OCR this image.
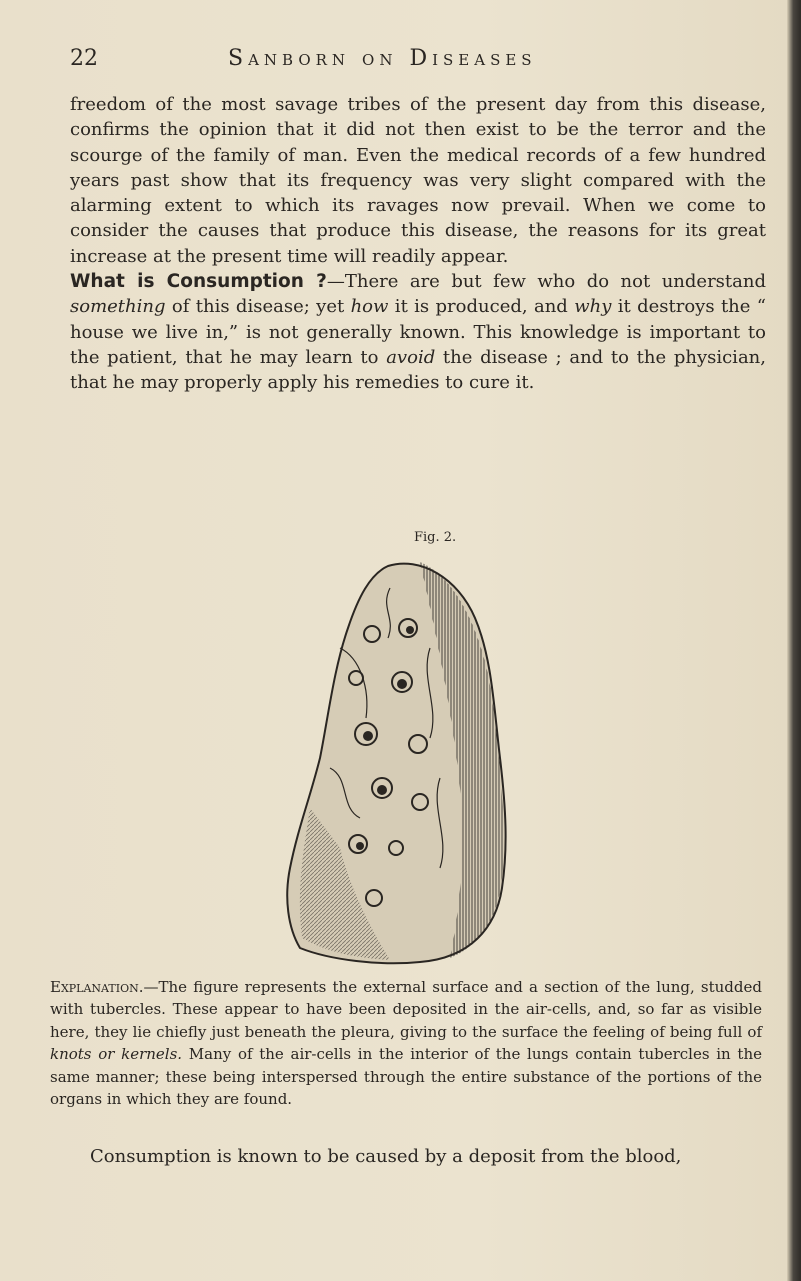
22	Sanborn on Diseases

freedom of the most savage tribes of the present day from this disease, confirms the opinion that it did not then exist to be the terror and the scourge of the family of man. Even the medical records of a few hundred years past show that its frequency was very slight compared with the alarming extent to which its ravages now prevail. When we come to consider the causes that produce this disease, the reasons for its great increase at the present time will readily appear.

What is Consumption ?—There are but few who do not understand something of this disease; yet how it is produced, and why it destroys the “ house we live in,” is not generally known. This knowledge is important to the patient, that he may learn to avoid the disease ; and to the physician, that he may properly apply his remedies to cure it.

Fig. 2.
Explanation.—The figure represents the external surface and a section of the lung, studded with tubercles. These appear to have been deposited in the air-cells, and, so far as visible here, they lie chiefly just beneath the pleura, giving to the surface the feeling of being full of knots or kernels. Many of the air-cells in the interior of the lungs contain tubercles in the same manner; these being interspersed through the entire substance of the portions of the organs in which they are found.
Consumption is known to be caused by a deposit from the blood,
